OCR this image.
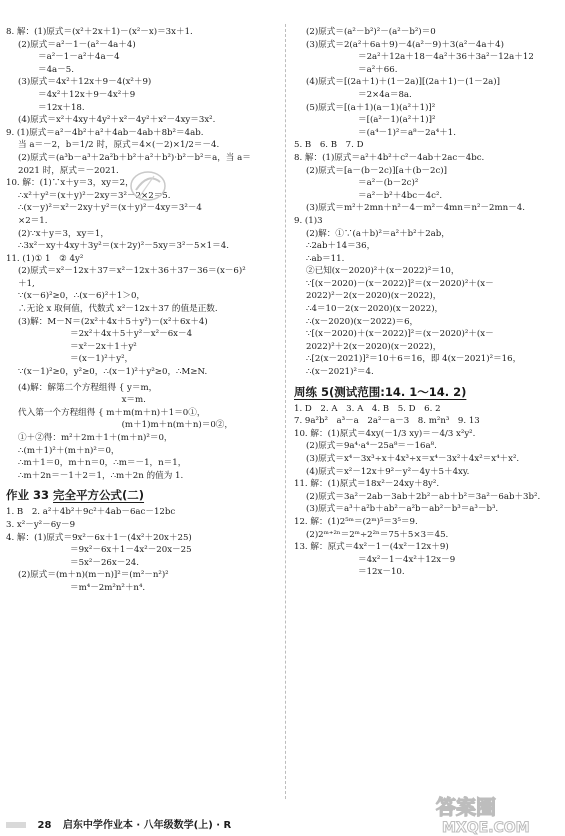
8. 解：(1)原式＝(x²＋2x＋1)－(x²－x)＝3x＋1.
(2)原式＝a²－1－(a²－4a＋4)
＝a²－1－a²＋4a－4
＝4a－5.
(3)原式＝4x²＋12x＋9－4(x²＋9)
＝4x²＋12x＋9－4x²＋9
＝12x＋18.
(4)原式＝x²＋4xy＋4y²＋x²－4y²＋x²－4xy＝3x².
9. (1)原式＝a²－4b²＋a²＋4ab－4ab＋8b²＝4ab.
当 a＝－2，b＝1/2 时，原式＝4×(－2)×1/2＝－4.
(2)原式＝(a³b－a³＋2a²b＋b²＋a²＋b²)·b²－b²＝a，当 a＝
2021 时，原式＝－2021.
10. 解：(1)∵x＋y＝3，xy＝2，
∴x²＋y²＝(x＋y)²－2xy＝3²－2×2＝5.
∴(x－y)²＝x²－2xy＋y²＝(x＋y)²－4xy＝3²－4
×2＝1.
(2)∵x＋y＝3，xy＝1，
∴3x²－xy＋4xy＋3y²＝(x＋2y)²－5xy＝3²－5×1＝4.
11. (1)① 1　② 4y²
(2)原式＝x²－12x＋37＝x²－12x＋36＋37－36＝(x－6)²
＋1,
∵(x－6)²≥0，∴(x－6)²＋1＞0，
∴无论 x 取何值，代数式 x²－12x＋37 的值是正数.
(3)解：M－N＝(2x²＋4x＋5＋y²)－(x²＋6x＋4)
＝2x²＋4x＋5＋y²－x²－6x－4
＝x²－2x＋1＋y²
＝(x－1)²＋y²，
∵(x－1)²≥0，y²≥0，∴(x－1)²＋y²≥0，∴M≥N.
(4)解：解第二个方程组得 { y＝m，
　　　　　　x＝m.
代入第一个方程组得 { m＋m(m＋n)＋1＝0①，
　　　　　　(m＋1)m＋n(m＋n)＝0②，
①＋②得：m²＋2m＋1＋(m＋n)²＝0，
∴(m＋1)²＋(m＋n)²＝0，
∴m＋1＝0，m＋n＝0，∴m＝－1，n＝1，
∴m＋2n＝－1＋2＝1，∴m＋2n 的值为 1.
作业 33 完全平方公式(二)
1. B　2. a²＋4b²＋9c²＋4ab－6ac－12bc
3. x²－y²－6y－9
4. 解：(1)原式＝9x²－6x＋1－(4x²＋20x＋25)
＝9x²－6x＋1－4x²－20x－25
＝5x²－26x－24.
(2)原式＝(m＋n)(m－n)]²＝(m²－n²)²
＝m⁴－2m²n²＋n⁴.
(2)原式＝(a²－b²)²－(a²－b²)＝0
(3)原式＝2(a²＋6a＋9)－4(a²－9)＋3(a²－4a＋4)
＝2a²＋12a＋18－4a²＋36＋3a²－12a＋12
＝a²＋66.
(4)原式＝[(2a＋1)＋(1－2a)][(2a＋1)－(1－2a)]
＝2×4a＝8a.
(5)原式＝[(a＋1)(a－1)(a²＋1)]²
＝[(a²－1)(a²＋1)]²
＝(a⁴－1)²＝a⁸－2a⁴＋1.
5. B　6. B　7. D
8. 解：(1)原式＝a²＋4b²＋c²－4ab＋2ac－4bc.
(2)原式＝[a－(b－2c)][a＋(b－2c)]
＝a²－(b－2c)²
＝a²－b²＋4bc－4c².
(3)原式＝m²＋2mn＋n²－4－m²－4mn＝n²－2mn－4.
9. (1)3
(2)解：①∵(a＋b)²＝a²＋b²＋2ab，
∴2ab＋14＝36，
∴ab＝11.
②已知(x－2020)²＋(x－2022)²＝10，
∵[(x－2020)－(x－2022)]²＝(x－2020)²＋(x－
2022)²－2(x－2020)(x－2022)，
∴4＝10－2(x－2020)(x－2022)，
∴(x－2020)(x－2022)＝6，
∵[(x－2020)＋(x－2022)]²＝(x－2020)²＋(x－
2022)²＋2(x－2020)(x－2022)，
∴[2(x－2021)]²＝10＋6＝16，即 4(x－2021)²＝16，
∴(x－2021)²＝4.
周练 5(测试范围:14. 1～14. 2)
1. D　2. A　3. A　4. B　5. D　6. 2
7. 9a²b²　a³－a　2a²－a－3　8. m²n³　9. 13
10. 解：(1)原式＝4xy(－1/3 xy)＝－4/3 x²y².
(2)原式＝9a⁴·a⁴－25a⁸＝－16a⁸.
(3)原式＝x⁴－3x³÷x＋4x³÷x＝x⁴－3x²＋4x²＝x⁴＋x².
(4)原式＝x²－12x＋9²－y²－4y＋5＋4xy.
11. 解：(1)原式＝18x²－24xy＋8y².
(2)原式＝3a²－2ab－3ab＋2b²－ab＋b²＝3a²－6ab＋3b².
(3)原式＝a³＋a²b＋ab²－a²b－ab²－b³＝a³－b³.
12. 解：(1)2⁵ᵐ＝(2ᵐ)⁵＝3⁵＝9.
(2)2ᵐ⁺²ⁿ＝2ᵐ÷2²ⁿ＝75＋5×3＝45.
13. 解：原式＝4x²－1－(4x²－12x＋9)
＝4x²－1－4x²＋12x－9
＝12x－10.
答案圈
MXQE.COM
28 启东中学作业本 · 八年级数学(上) · R
